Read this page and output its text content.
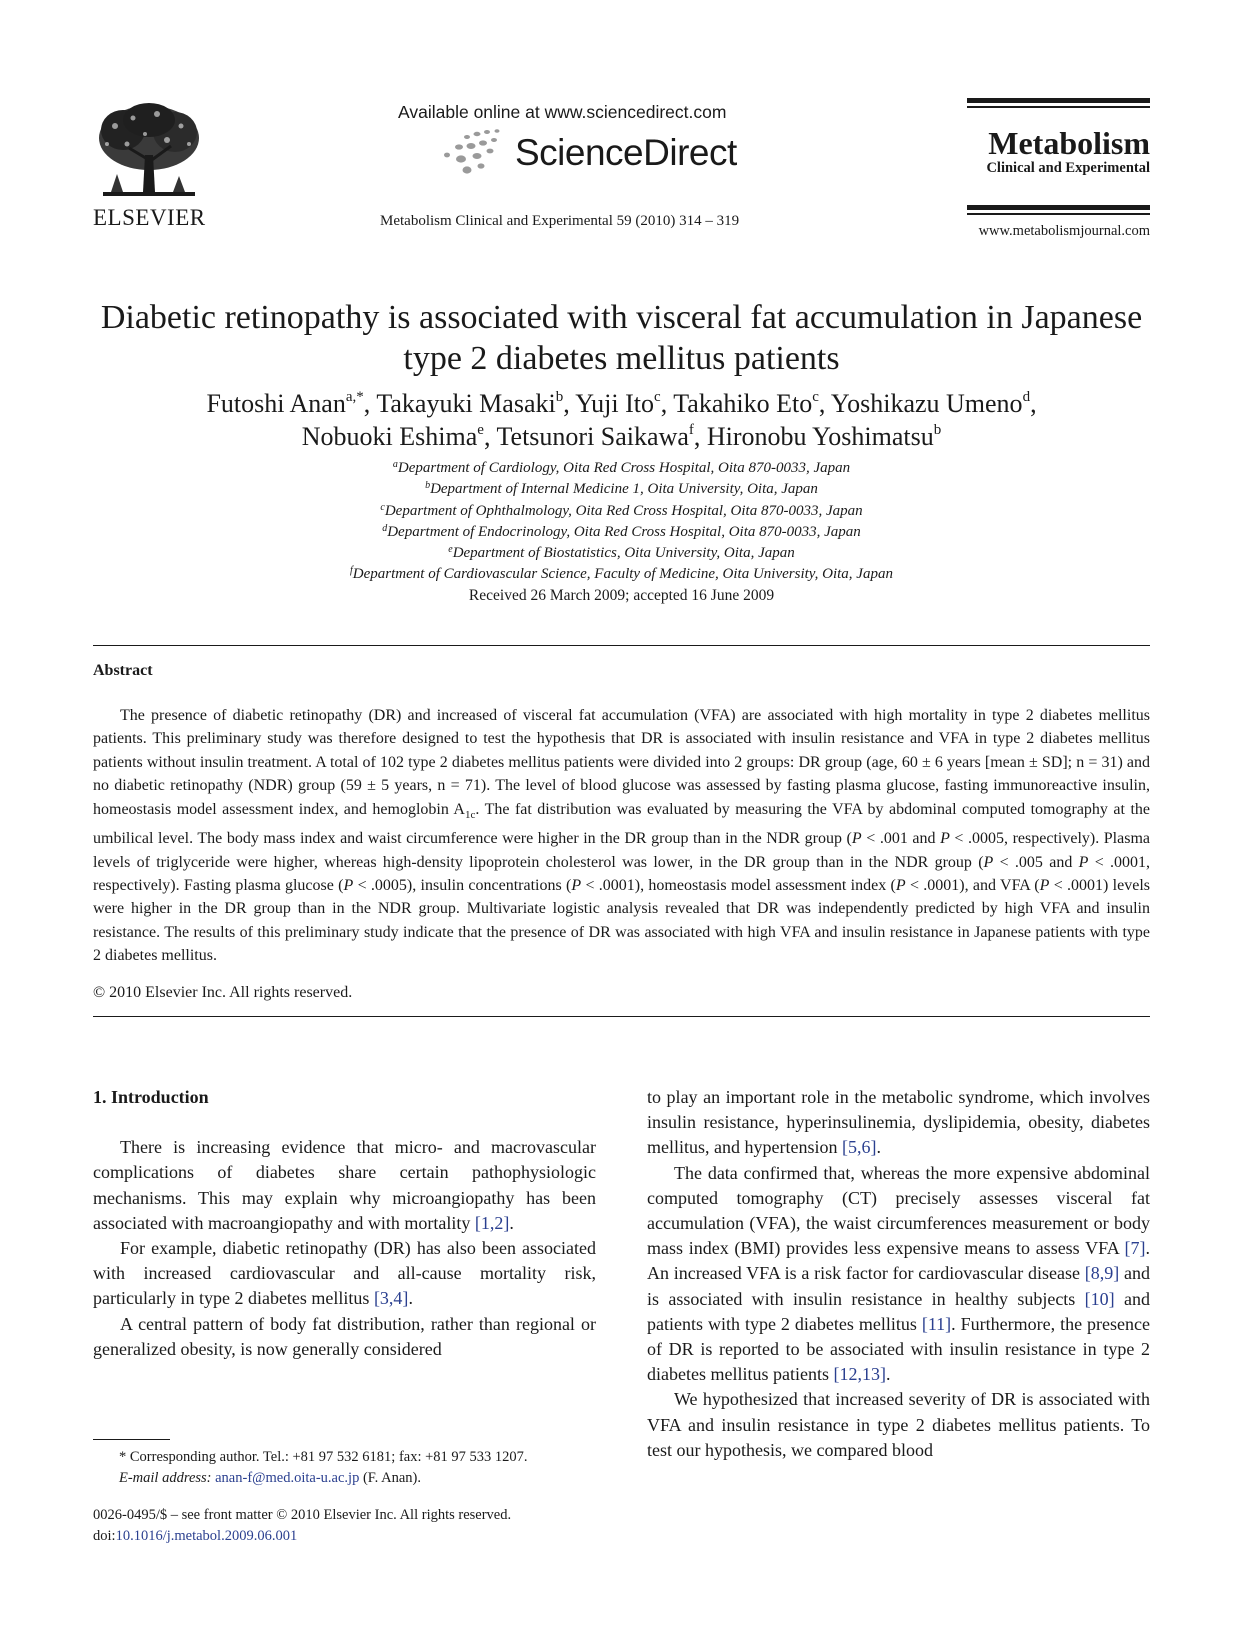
ELSEVIER
Available online at www.sciencedirect.com
ScienceDirect
Metabolism Clinical and Experimental 59 (2010) 314 – 319
Metabolism
Clinical and Experimental
www.metabolismjournal.com
Diabetic retinopathy is associated with visceral fat accumulation in Japanese type 2 diabetes mellitus patients
Futoshi Anan$^{a,*}$, Takayuki Masaki$^b$, Yuji Ito$^c$, Takahiko Eto$^c$, Yoshikazu Umeno$^d$,
Nobuoki Eshima$^e$, Tetsunori Saikawa$^f$, Hironobu Yoshimatsu$^b$
$^a$Department of Cardiology, Oita Red Cross Hospital, Oita 870-0033, Japan
$^b$Department of Internal Medicine 1, Oita University, Oita, Japan
$^c$Department of Ophthalmology, Oita Red Cross Hospital, Oita 870-0033, Japan
$^d$Department of Endocrinology, Oita Red Cross Hospital, Oita 870-0033, Japan
$^e$Department of Biostatistics, Oita University, Oita, Japan
$^f$Department of Cardiovascular Science, Faculty of Medicine, Oita University, Oita, Japan
Received 26 March 2009; accepted 16 June 2009
Abstract

The presence of diabetic retinopathy (DR) and increased of visceral fat accumulation (VFA) are associated with high mortality in type 2 diabetes mellitus patients. This preliminary study was therefore designed to test the hypothesis that DR is associated with insulin resistance and VFA in type 2 diabetes mellitus patients without insulin treatment. A total of 102 type 2 diabetes mellitus patients were divided into 2 groups: DR group (age, 60 ± 6 years [mean ± SD]; n = 31) and no diabetic retinopathy (NDR) group (59 ± 5 years, n = 71). The level of blood glucose was assessed by fasting plasma glucose, fasting immunoreactive insulin, homeostasis model assessment index, and hemoglobin $A_{1c}$. The fat distribution was evaluated by measuring the VFA by abdominal computed tomography at the umbilical level. The body mass index and waist circumference were higher in the DR group than in the NDR group (P < .001 and P < .0005, respectively). Plasma levels of triglyceride were higher, whereas high-density lipoprotein cholesterol was lower, in the DR group than in the NDR group (P < .005 and P < .0001, respectively). Fasting plasma glucose (P < .0005), insulin concentrations (P < .0001), homeostasis model assessment index (P < .0001), and VFA (P < .0001) levels were higher in the DR group than in the NDR group. Multivariate logistic analysis revealed that DR was independently predicted by high VFA and insulin resistance. The results of this preliminary study indicate that the presence of DR was associated with high VFA and insulin resistance in Japanese patients with type 2 diabetes mellitus.

© 2010 Elsevier Inc. All rights reserved.
1. Introduction

There is increasing evidence that micro- and macrovascular complications of diabetes share certain pathophysiologic mechanisms. This may explain why microangiopathy has been associated with macroangiopathy and with mortality [1,2].

For example, diabetic retinopathy (DR) has also been associated with increased cardiovascular and all-cause mortality risk, particularly in type 2 diabetes mellitus [3,4].

A central pattern of body fat distribution, rather than regional or generalized obesity, is now generally considered

to play an important role in the metabolic syndrome, which involves insulin resistance, hyperinsulinemia, dyslipidemia, obesity, diabetes mellitus, and hypertension [5,6].

The data confirmed that, whereas the more expensive abdominal computed tomography (CT) precisely assesses visceral fat accumulation (VFA), the waist circumferences measurement or body mass index (BMI) provides less expensive means to assess VFA [7]. An increased VFA is a risk factor for cardiovascular disease [8,9] and is associated with insulin resistance in healthy subjects [10] and patients with type 2 diabetes mellitus [11]. Furthermore, the presence of DR is reported to be associated with insulin resistance in type 2 diabetes mellitus patients [12,13].

We hypothesized that increased severity of DR is associated with VFA and insulin resistance in type 2 diabetes mellitus patients. To test our hypothesis, we compared blood

* Corresponding author. Tel.: +81 97 532 6181; fax: +81 97 533 1207.
E-mail address: anan-f@med.oita-u.ac.jp (F. Anan).
0026-0495/$ – see front matter © 2010 Elsevier Inc. All rights reserved.
doi:10.1016/j.metabol.2009.06.001
